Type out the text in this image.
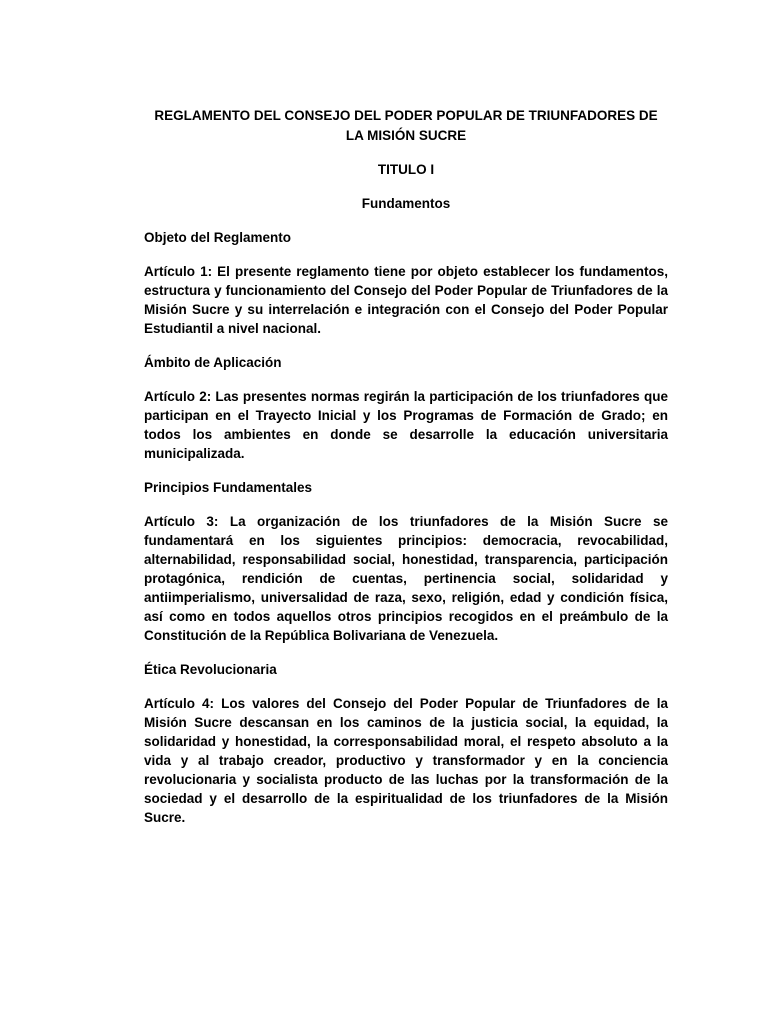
REGLAMENTO DEL CONSEJO DEL PODER POPULAR DE TRIUNFADORES DE LA MISIÓN SUCRE
TITULO I
Fundamentos
Objeto del Reglamento
Artículo 1: El presente reglamento tiene por objeto establecer los fundamentos, estructura y funcionamiento del Consejo del Poder Popular de Triunfadores de la Misión Sucre y su interrelación e integración con el Consejo del Poder Popular Estudiantil a nivel nacional.
Ámbito de Aplicación
Artículo 2: Las presentes normas regirán la participación de los triunfadores que participan en el Trayecto Inicial y los Programas de Formación de Grado; en todos los ambientes en donde se desarrolle la educación universitaria municipalizada.
Principios Fundamentales
Artículo 3: La organización de los triunfadores de la Misión Sucre se fundamentará en los siguientes principios: democracia, revocabilidad, alternabilidad, responsabilidad social, honestidad, transparencia, participación protagónica, rendición de cuentas, pertinencia social, solidaridad y antiimperialismo, universalidad de raza, sexo, religión, edad y condición física, así como en todos aquellos otros principios recogidos en el preámbulo de la Constitución de la República Bolivariana de Venezuela.
Ética Revolucionaria
Artículo 4: Los valores del Consejo del Poder Popular de Triunfadores de la Misión Sucre descansan en los caminos de la justicia social, la equidad, la solidaridad y honestidad, la corresponsabilidad moral, el respeto absoluto a la vida y al trabajo creador, productivo y transformador y en la conciencia revolucionaria y socialista producto de las luchas por la transformación de la sociedad y el desarrollo de la espiritualidad de los triunfadores de la Misión Sucre.
